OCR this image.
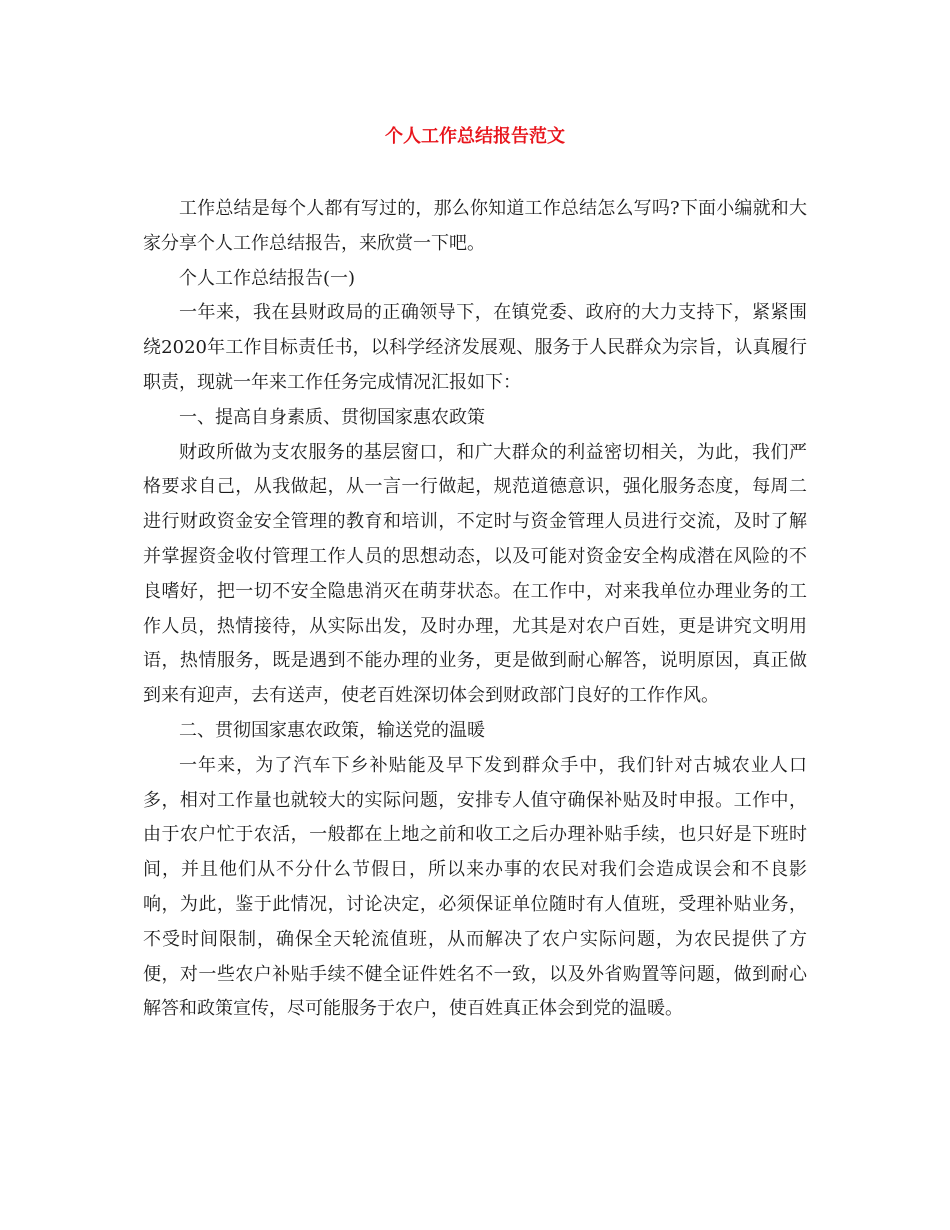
个人工作总结报告范文

工作总结是每个人都有写过的，那么你知道工作总结怎么写吗?下面小编就和大家分享个人工作总结报告，来欣赏一下吧。

个人工作总结报告(一)

一年来，我在县财政局的正确领导下，在镇党委、政府的大力支持下，紧紧围绕2020年工作目标责任书，以科学经济发展观、服务于人民群众为宗旨，认真履行职责，现就一年来工作任务完成情况汇报如下：

一、提高自身素质、贯彻国家惠农政策

财政所做为支农服务的基层窗口，和广大群众的利益密切相关，为此，我们严格要求自己，从我做起，从一言一行做起，规范道德意识，强化服务态度，每周二进行财政资金安全管理的教育和培训，不定时与资金管理人员进行交流，及时了解并掌握资金收付管理工作人员的思想动态，以及可能对资金安全构成潜在风险的不良嗜好，把一切不安全隐患消灭在萌芽状态。在工作中，对来我单位办理业务的工作人员，热情接待，从实际出发，及时办理，尤其是对农户百姓，更是讲究文明用语，热情服务，既是遇到不能办理的业务，更是做到耐心解答，说明原因，真正做到来有迎声，去有送声，使老百姓深切体会到财政部门良好的工作作风。

二、贯彻国家惠农政策，输送党的温暖

一年来，为了汽车下乡补贴能及早下发到群众手中，我们针对古城农业人口多，相对工作量也就较大的实际问题，安排专人值守确保补贴及时申报。工作中，由于农户忙于农活，一般都在上地之前和收工之后办理补贴手续，也只好是下班时间，并且他们从不分什么节假日，所以来办事的农民对我们会造成误会和不良影响，为此，鉴于此情况，讨论决定，必须保证单位随时有人值班，受理补贴业务，不受时间限制，确保全天轮流值班，从而解决了农户实际问题，为农民提供了方便，对一些农户补贴手续不健全证件姓名不一致，以及外省购置等问题，做到耐心解答和政策宣传，尽可能服务于农户，使百姓真正体会到党的温暖。
